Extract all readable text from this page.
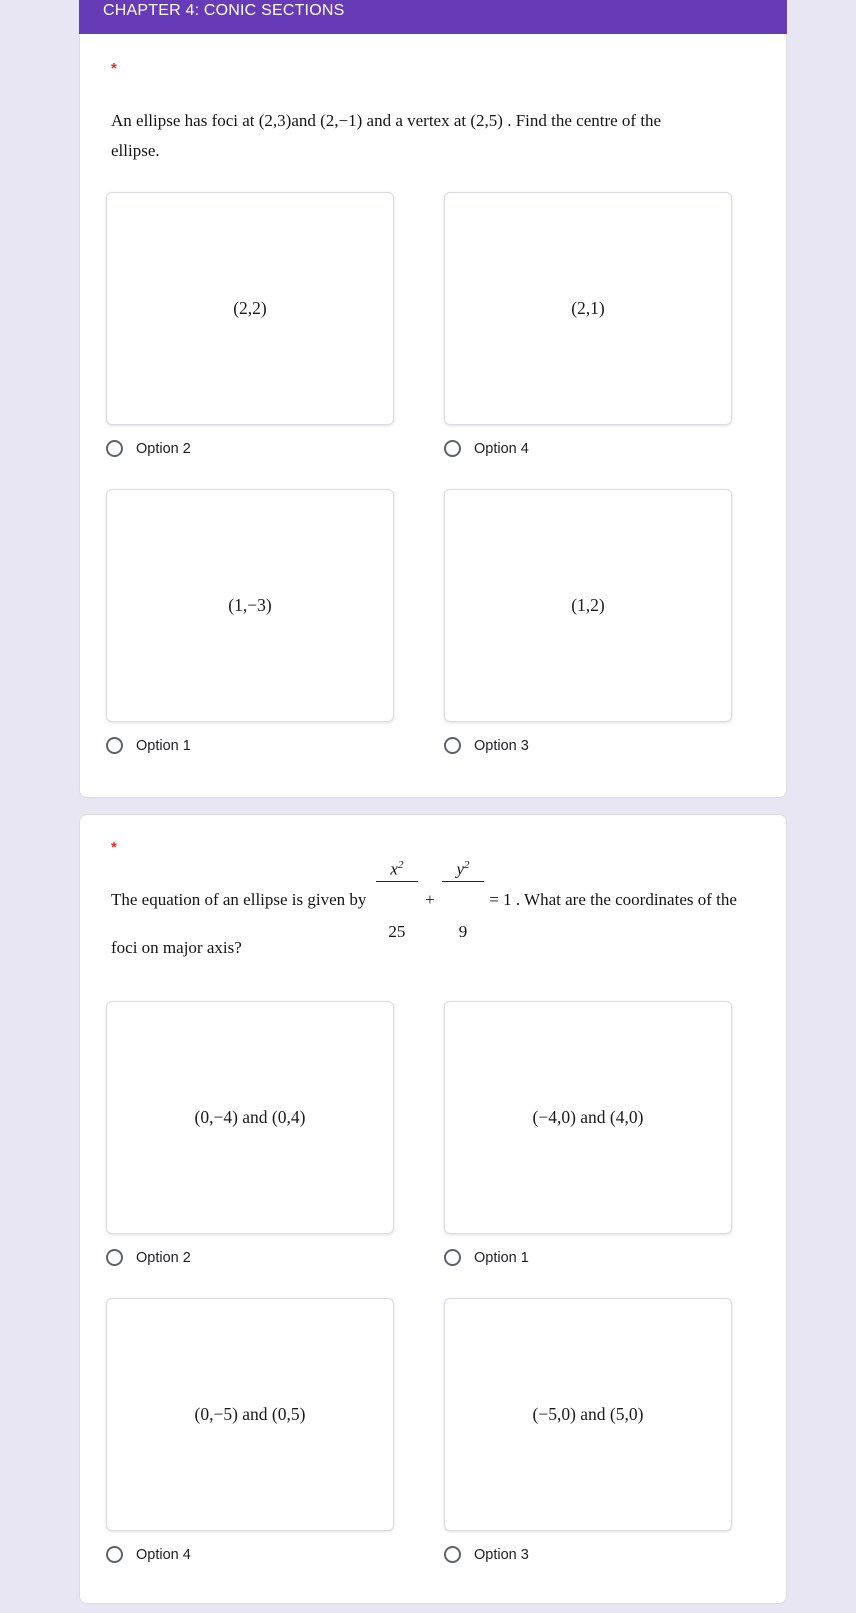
CHAPTER 4: CONIC SECTIONS
*
An ellipse has foci at (2,3)and (2,−1) and a vertex at (2,5) . Find the centre of the
ellipse.
(2,2)
Option 2
(2,1)
Option 4
(1,−3)
Option 1
(1,2)
Option 3
*
The equation of an ellipse is given by

$\frac{x^2}{25}$

+

$\frac{y^2}{9}$

= 1 . What are the coordinates of the
foci on major axis?
(0,−4) and (0,4)
Option 2
(−4,0) and (4,0)
Option 1
(0,−5) and (0,5)
Option 4
(−5,0) and (5,0)
Option 3
